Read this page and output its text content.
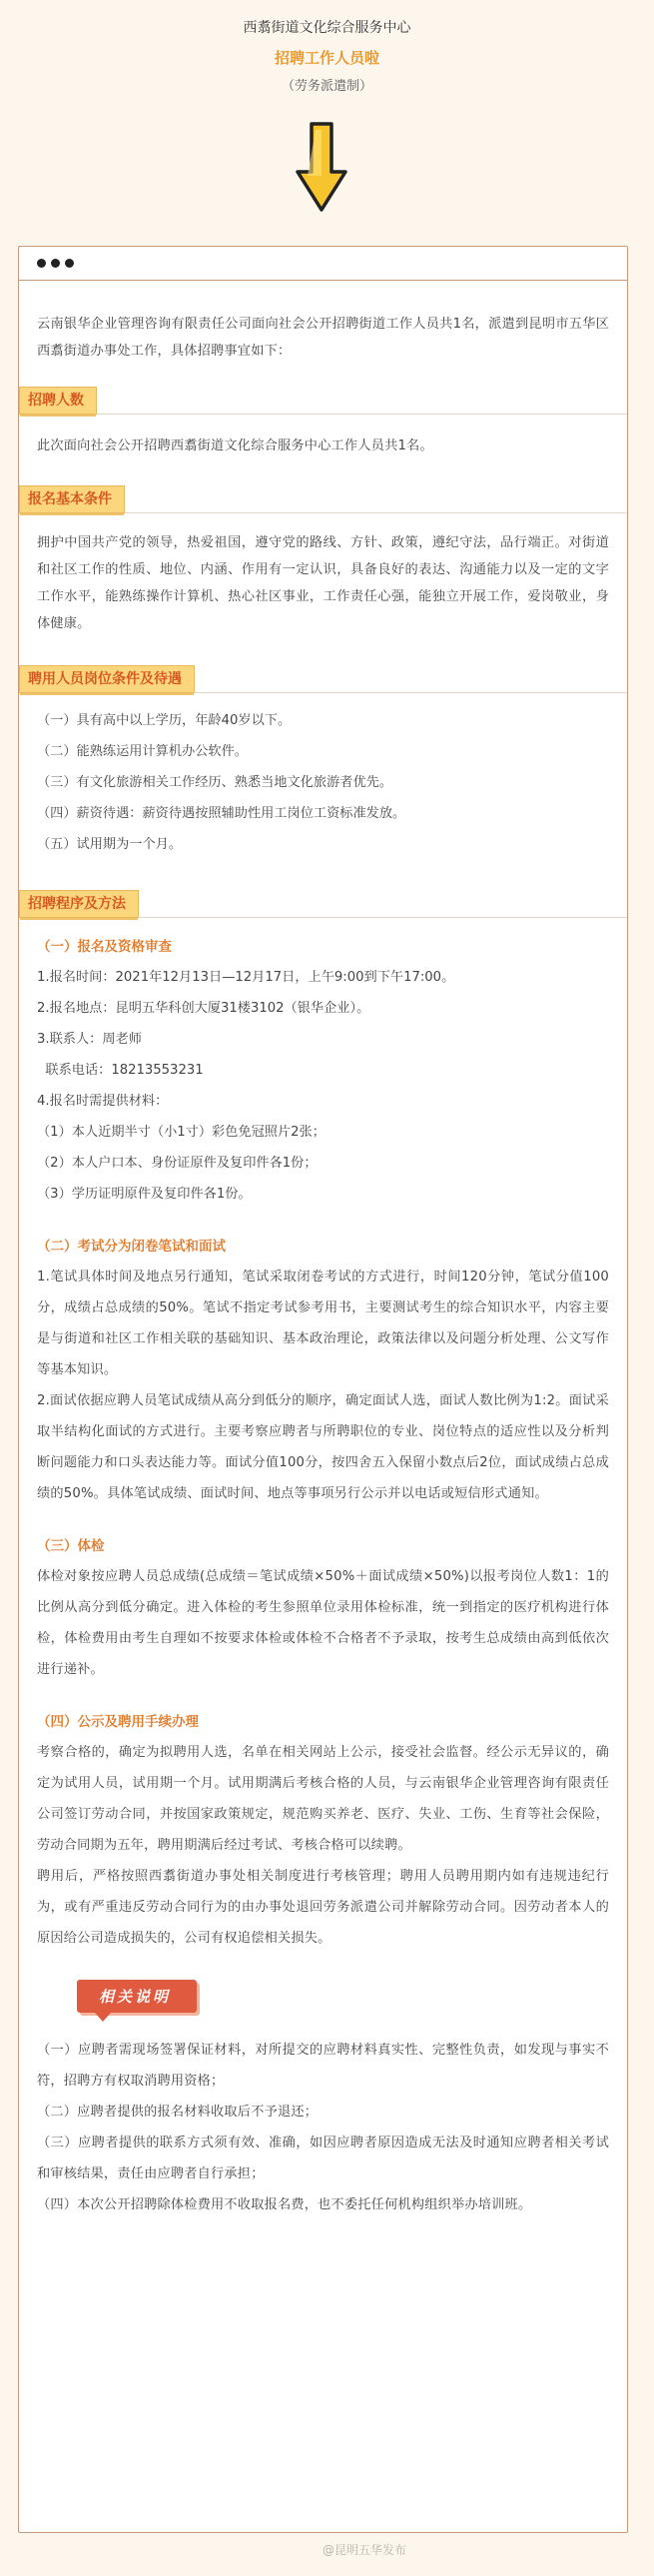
西翥街道文化综合服务中心
招聘工作人员啦
（劳务派遣制）

云南银华企业管理咨询有限责任公司面向社会公开招聘街道工作人员共1名，派遣到昆明市五华区西翥街道办事处工作，具体招聘事宜如下：

招聘人数

此次面向社会公开招聘西翥街道文化综合服务中心工作人员共1名。

报名基本条件

拥护中国共产党的领导，热爱祖国，遵守党的路线、方针、政策，遵纪守法，品行端正。对街道和社区工作的性质、地位、内涵、作用有一定认识，具备良好的表达、沟通能力以及一定的文字工作水平，能熟练操作计算机、热心社区事业，工作责任心强，能独立开展工作，爱岗敬业，身体健康。

聘用人员岗位条件及待遇
（一）具有高中以上学历，年龄40岁以下。
（二）能熟练运用计算机办公软件。
（三）有文化旅游相关工作经历、熟悉当地文化旅游者优先。
（四）薪资待遇：薪资待遇按照辅助性用工岗位工资标准发放。
（五）试用期为一个月。
招聘程序及方法
（一）报名及资格审查
1.报名时间：2021年12月13日—12月17日，上午9:00到下午17:00。
2.报名地点：昆明五华科创大厦31楼3102（银华企业）。
3.联系人：周老师
联系电话：18213553231
4.报名时需提供材料：
（1）本人近期半寸（小1寸）彩色免冠照片2张；
（2）本人户口本、身份证原件及复印件各1份；
（3）学历证明原件及复印件各1份。
（二）考试分为闭卷笔试和面试

1.笔试具体时间及地点另行通知，笔试采取闭卷考试的方式进行，时间120分钟，笔试分值100分，成绩占总成绩的50%。笔试不指定考试参考用书，主要测试考生的综合知识水平，内容主要是与街道和社区工作相关联的基础知识、基本政治理论，政策法律以及问题分析处理、公文写作等基本知识。

2.面试依据应聘人员笔试成绩从高分到低分的顺序，确定面试人选，面试人数比例为1:2。面试采取半结构化面试的方式进行。主要考察应聘者与所聘职位的专业、岗位特点的适应性以及分析判断问题能力和口头表达能力等。面试分值100分，按四舍五入保留小数点后2位，面试成绩占总成绩的50%。具体笔试成绩、面试时间、地点等事项另行公示并以电话或短信形式通知。

（三）体检

体检对象按应聘人员总成绩(总成绩＝笔试成绩×50%＋面试成绩×50%)以报考岗位人数1：1的比例从高分到低分确定。进入体检的考生参照单位录用体检标准，统一到指定的医疗机构进行体检，体检费用由考生自理如不按要求体检或体检不合格者不予录取，按考生总成绩由高到低依次进行递补。

（四）公示及聘用手续办理

考察合格的，确定为拟聘用人选，名单在相关网站上公示，接受社会监督。经公示无异议的，确定为试用人员，试用期一个月。试用期满后考核合格的人员，与云南银华企业管理咨询有限责任公司签订劳动合同，并按国家政策规定，规范购买养老、医疗、失业、工伤、生育等社会保险，劳动合同期为五年，聘用期满后经过考试、考核合格可以续聘。

聘用后，严格按照西翥街道办事处相关制度进行考核管理；聘用人员聘用期内如有违规违纪行为，或有严重违反劳动合同行为的由办事处退回劳务派遣公司并解除劳动合同。因劳动者本人的原因给公司造成损失的，公司有权追偿相关损失。

相关说明

（一）应聘者需现场签署保证材料，对所提交的应聘材料真实性、完整性负责，如发现与事实不符，招聘方有权取消聘用资格；

（二）应聘者提供的报名材料收取后不予退还；

（三）应聘者提供的联系方式须有效、准确，如因应聘者原因造成无法及时通知应聘者相关考试和审核结果，责任由应聘者自行承担；

（四）本次公开招聘除体检费用不收取报名费，也不委托任何机构组织举办培训班。

@昆明五华发布
